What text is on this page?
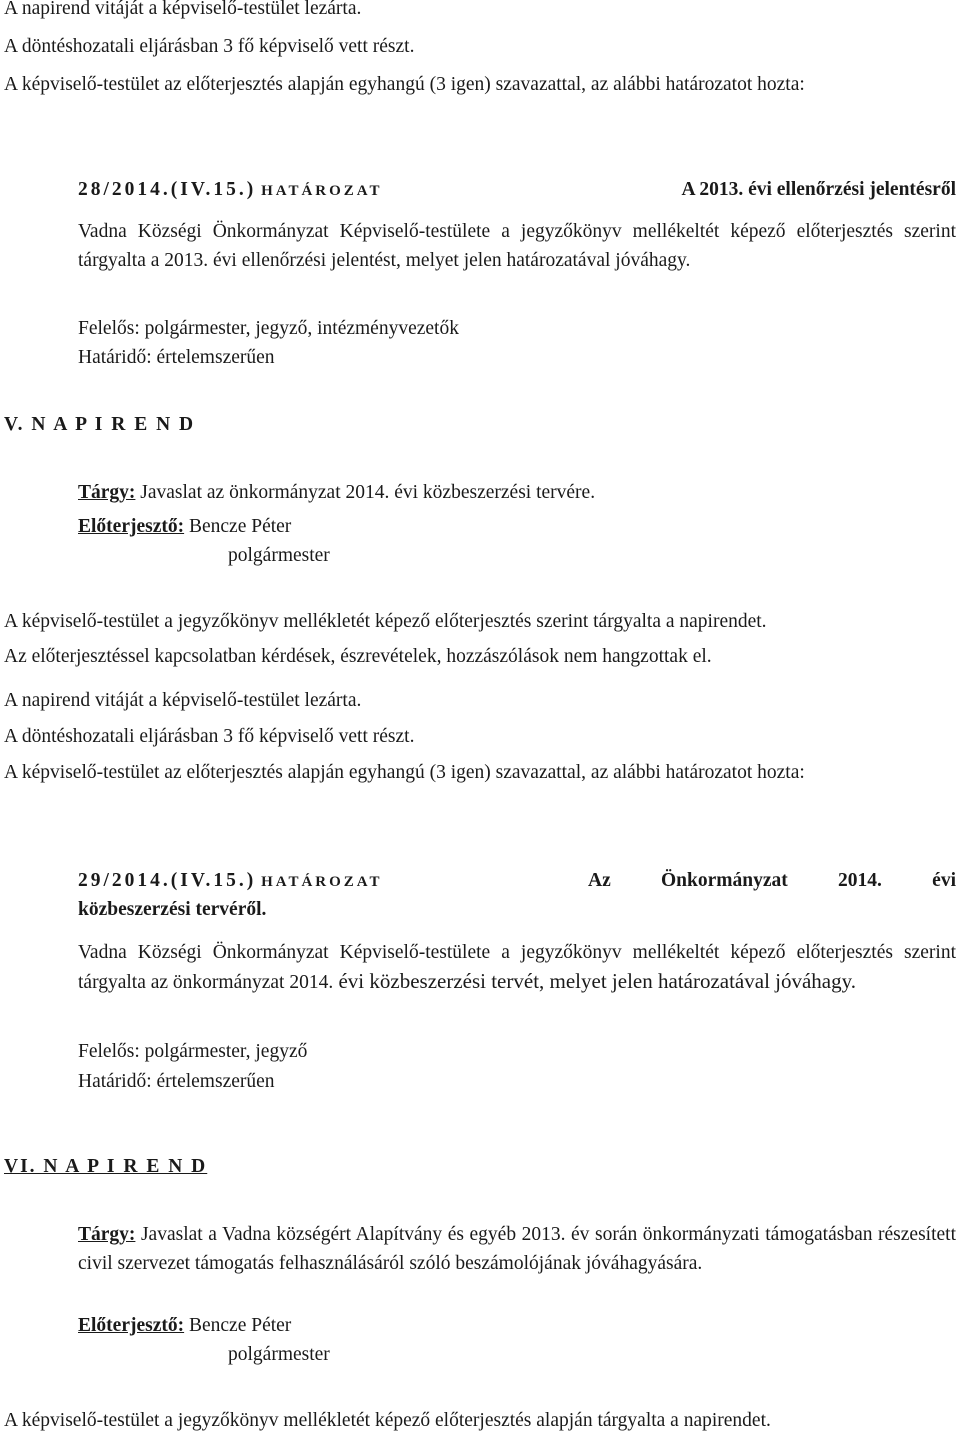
A napirend vitáját a képviselő-testület lezárta.

A döntéshozatali eljárásban 3 fő képviselő vett részt.

A képviselő-testület az előterjesztés alapján egyhangú (3 igen) szavazattal, az alábbi határozatot hozta:

28/2014.(IV.15.) HATÁROZAT	A 2013. évi ellenőrzési jelentésről

Vadna Községi Önkormányzat Képviselő-testülete a jegyzőkönyv mellékeltét képező előterjesztés szerint tárgyalta a 2013. évi ellenőrzési jelentést, melyet jelen határozatával jóváhagy.

Felelős: polgármester, jegyző, intézményvezetők

Határidő: értelemszerűen

V. N A P I R E N D

Tárgy: Javaslat az önkormányzat 2014. évi közbeszerzési tervére.

Előterjesztő: Bencze Péter

polgármester

A képviselő-testület a jegyzőkönyv mellékletét képező előterjesztés szerint tárgyalta a napirendet.

Az előterjesztéssel kapcsolatban kérdések, észrevételek, hozzászólások nem hangzottak el.

A napirend vitáját a képviselő-testület lezárta.

A döntéshozatali eljárásban 3 fő képviselő vett részt.

A képviselő-testület az előterjesztés alapján egyhangú (3 igen) szavazattal, az alábbi határozatot hozta:

29/2014.(IV.15.) HATÁROZAT	Az Önkormányzat 2014. évi

közbeszerzési tervéről.

Vadna Községi Önkormányzat Képviselő-testülete a jegyzőkönyv mellékeltét képező előterjesztés szerint tárgyalta az önkormányzat 2014. évi közbeszerzési tervét, melyet jelen határozatával jóváhagy.

Felelős: polgármester, jegyző

Határidő: értelemszerűen

VI. N A P I R E N D

Tárgy: Javaslat a Vadna községért Alapítvány és egyéb 2013. év során önkormányzati támogatásban részesített civil szervezet támogatás felhasználásáról szóló beszámolójának jóváhagyására.

Előterjesztő: Bencze Péter

polgármester

A képviselő-testület a jegyzőkönyv mellékletét képező előterjesztés alapján tárgyalta a napirendet.
